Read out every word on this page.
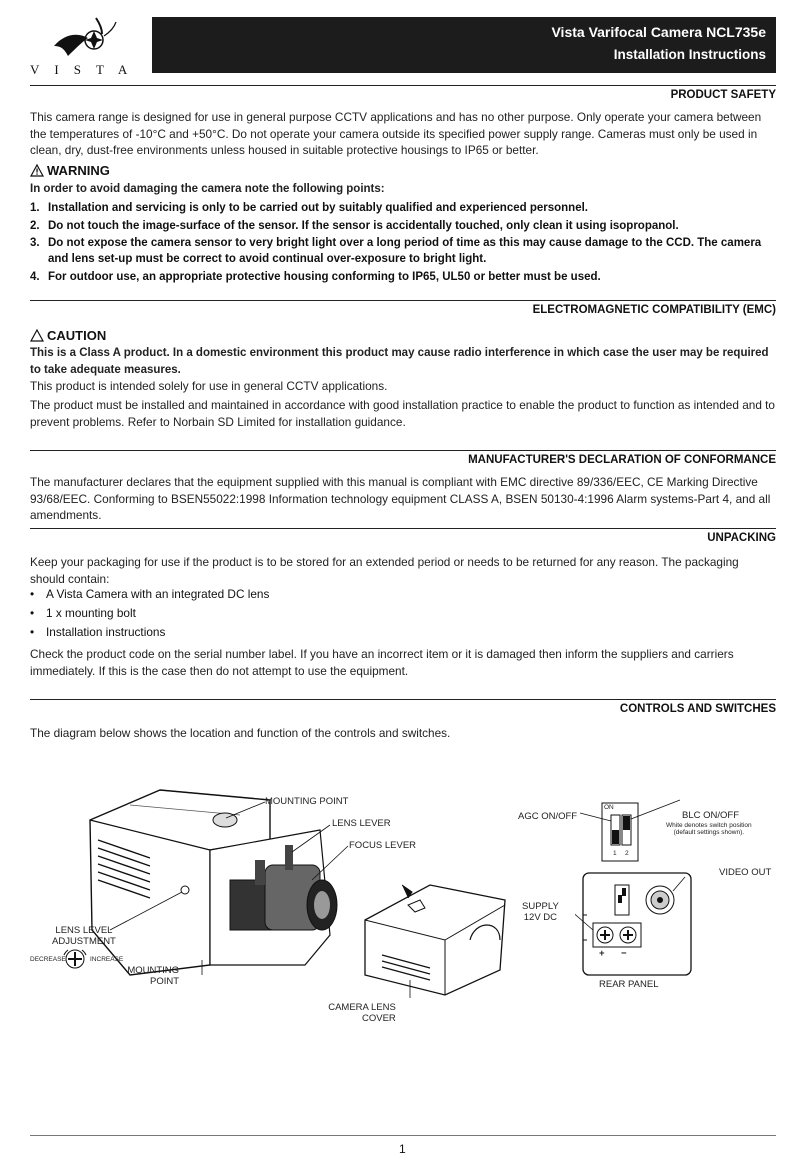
VISTA
Vista Varifocal Camera NCL735e
Installation Instructions
PRODUCT SAFETY

This camera range is designed for use in general purpose CCTV applications and has no other purpose. Only operate your camera between the temperatures of -10°C and +50°C. Do not operate your camera outside its specified power supply range. Cameras must only be used in clean, dry, dust-free environments unless housed in suitable protective housings to IP65 or better.

WARNING
In order to avoid damaging the camera note the following points:
1. Installation and servicing is only to be carried out by suitably qualified and experienced personnel.
2. Do not touch the image-surface of the sensor. If the sensor is accidentally touched, only clean it using isopropanol.
3. Do not expose the camera sensor to very bright light over a long period of time as this may cause damage to the CCD. The camera and lens set-up must be correct to avoid continual over-exposure to bright light.
4. For outdoor use, an appropriate protective housing conforming to IP65, UL50 or better must be used.
ELECTROMAGNETIC COMPATIBILITY (EMC)
CAUTION

This is a Class A product. In a domestic environment this product may cause radio interference in which case the user may be required to take adequate measures.

This product is intended solely for use in general CCTV applications.

The product must be installed and maintained in accordance with good installation practice to enable the product to function as intended and to prevent problems. Refer to Norbain SD Limited for installation guidance.

MANUFACTURER'S DECLARATION OF CONFORMANCE

The manufacturer declares that the equipment supplied with this manual is compliant with EMC directive 89/336/EEC, CE Marking Directive 93/68/EEC. Conforming to BSEN55022:1998 Information technology equipment CLASS A, BSEN 50130-4:1996 Alarm systems-Part 4, and all amendments.

UNPACKING

Keep your packaging for use if the product is to be stored for an extended period or needs to be returned for any reason. The packaging should contain:

• A Vista Camera with an integrated DC lens
• 1 x mounting bolt
• Installation instructions

Check the product code on the serial number label. If you have an incorrect item or it is damaged then inform the suppliers and carriers immediately. If this is the case then do not attempt to use the equipment.

CONTROLS AND SWITCHES

The diagram below shows the location and function of the controls and switches.

MOUNTING POINT
LENS LEVER
FOCUS LEVER
LENS LEVEL
ADJUSTMENT
DECREASE	INCREASE
MOUNTING
POINT
CAMERA LENS
COVER
ON
1 2
AGC ON/OFF	BLC ON/OFF
White denotes switch position
(default settings shown).
VIDEO OUT
SUPPLY
12V DC
+ −
REAR PANEL
1
